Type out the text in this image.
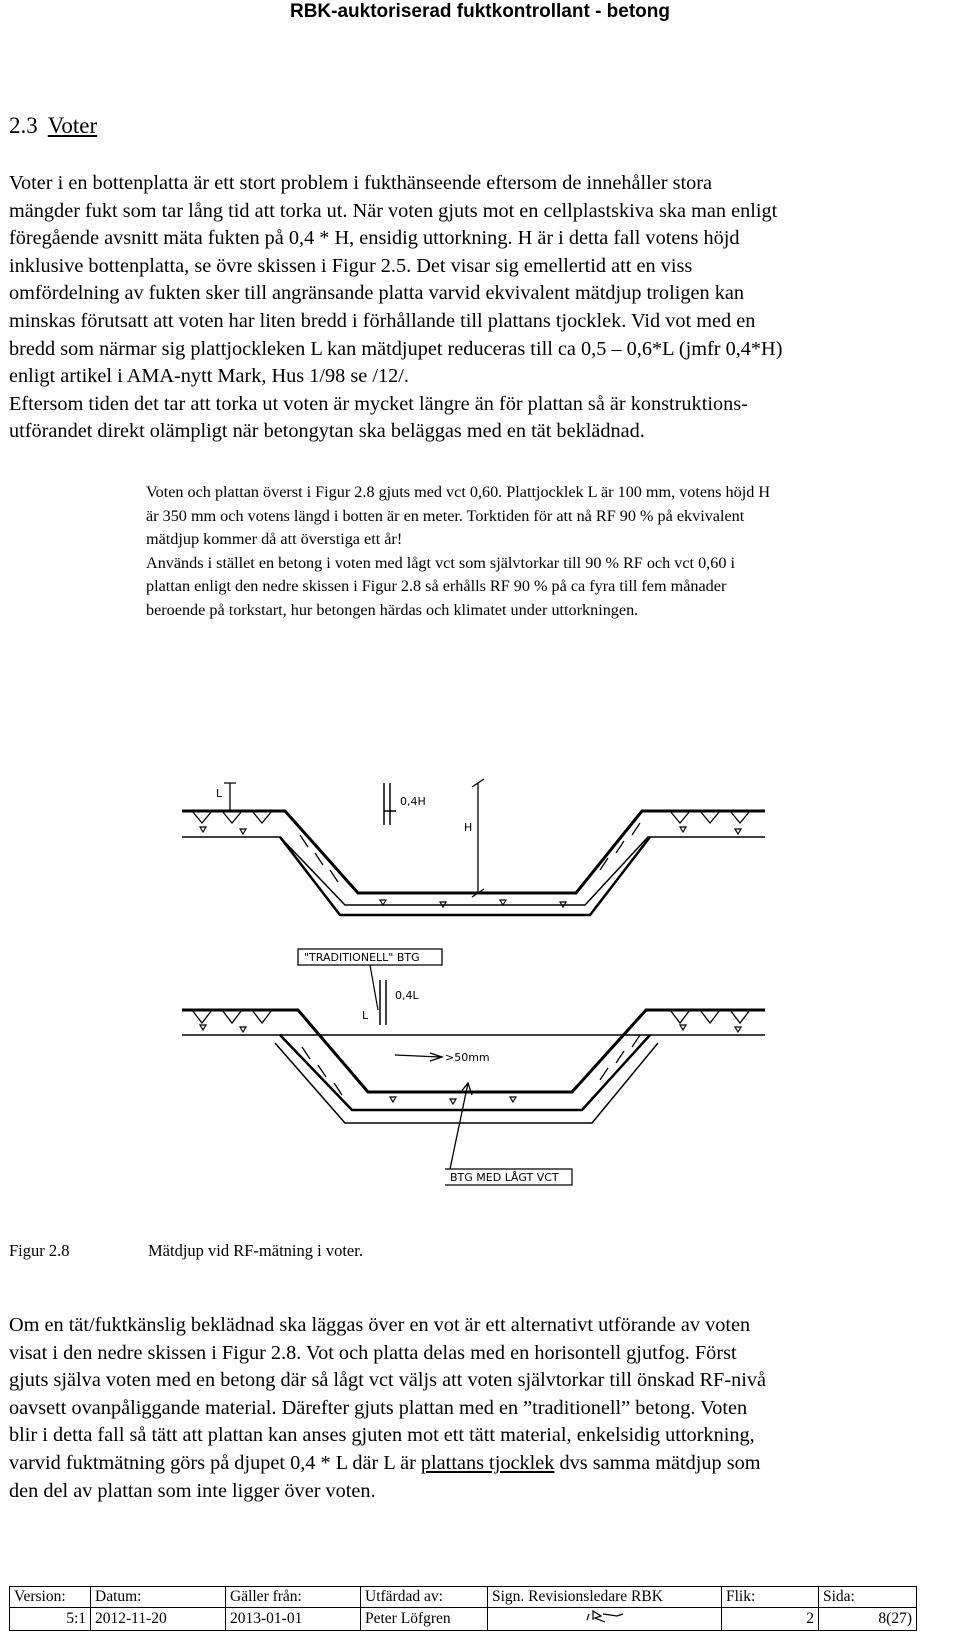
RBK-auktoriserad fuktkontrollant - betong
2.3 Voter

Voter i en bottenplatta är ett stort problem i fukthänseende eftersom de innehåller stora
mängder fukt som tar lång tid att torka ut. När voten gjuts mot en cellplastskiva ska man enligt
föregående avsnitt mäta fukten på 0,4 * H, ensidig uttorkning. H är i detta fall votens höjd
inklusive bottenplatta, se övre skissen i Figur 2.5. Det visar sig emellertid att en viss
omfördelning av fukten sker till angränsande platta varvid ekvivalent mätdjup troligen kan
minskas förutsatt att voten har liten bredd i förhållande till plattans tjocklek. Vid vot med en
bredd som närmar sig plattjockleken L kan mätdjupet reduceras till ca 0,5 – 0,6*L (jmfr 0,4*H)
enligt artikel i AMA-nytt Mark, Hus 1/98 se /12/.
Eftersom tiden det tar att torka ut voten är mycket längre än för plattan så är konstruktions-
utförandet direkt olämpligt när betongytan ska beläggas med en tät beklädnad.

Voten och plattan överst i Figur 2.8 gjuts med vct 0,60. Plattjocklek L är 100 mm, votens höjd H
är 350 mm och votens längd i botten är en meter. Torktiden för att nå RF 90 % på ekvivalent
mätdjup kommer då att överstiga ett år!
Används i stället en betong i voten med lågt vct som självtorkar till 90 % RF och vct 0,60 i
plattan enligt den nedre skissen i Figur 2.8 så erhålls RF 90 % på ca fyra till fem månader
beroende på torkstart, hur betongen härdas och klimatet under uttorkningen.

L
0,4H
H
"TRADITIONELL" BTG
L
0,4L
>50mm
BTG MED LÅGT VCT
Figur 2.8	Mätdjup vid RF-mätning i voter.

Om en tät/fuktkänslig beklädnad ska läggas över en vot är ett alternativt utförande av voten
visat i den nedre skissen i Figur 2.8. Vot och platta delas med en horisontell gjutfog. Först
gjuts själva voten med en betong där så lågt vct väljs att voten självtorkar till önskad RF-nivå
oavsett ovanpåliggande material. Därefter gjuts plattan med en ”traditionell” betong. Voten
blir i detta fall så tätt att plattan kan anses gjuten mot ett tätt material, enkelsidig uttorkning,
varvid fuktmätning görs på djupet 0,4 * L där L är plattans tjocklek dvs samma mätdjup som
den del av plattan som inte ligger över voten.

Version:	Datum:	Gäller från:	Utfärdad av:	Sign. Revisionsledare RBK	Flik:	Sida:
5:1	2012-11-20	2013-01-01	Peter Löfgren		2	8(27)
